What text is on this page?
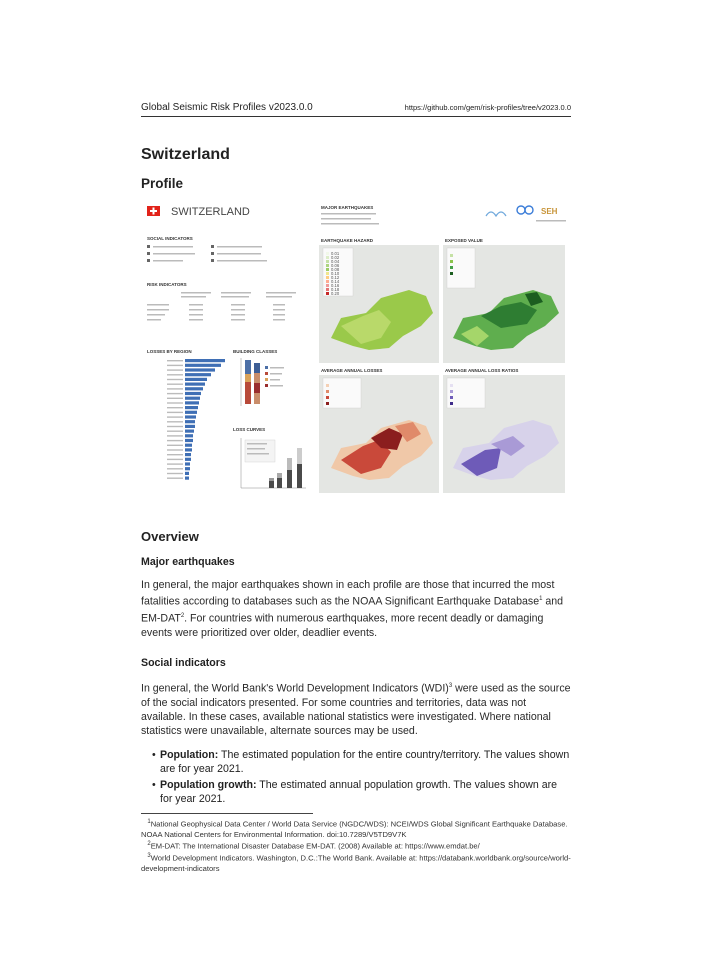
Global Seismic Risk Profiles v2023.0.0	https://github.com/gem/risk-profiles/tree/v2023.0.0
Switzerland
Profile
SWITZERLAND
SOCIAL INDICATORS
RISK INDICATORS
LOSSES BY REGION	BUILDING CLASSES
LOSS CURVES
MAJOR EARTHQUAKES	SEH
EARTHQUAKE HAZARD
0.01
0.02
0.04
0.06
0.08
0.10
0.12
0.14
0.16
0.18
0.20
EXPOSED VALUE
AVERAGE ANNUAL LOSSES	AVERAGE ANNUAL LOSS RATIOS
Overview
Major earthquakes
In general, the major earthquakes shown in each profile are those that incurred the most fatalities according to databases such as the NOAA Significant Earthquake Database$^1$ and EM-DAT$^2$. For countries with numerous earthquakes, more recent deadly or damaging events were prioritized over older, deadlier events.
Social indicators
In general, the World Bank's World Development Indicators (WDI)$^3$ were used as the source of the social indicators presented. For some countries and territories, data was not available. In these cases, available national statistics were investigated. Where national statistics were unavailable, alternate sources may be used.
• Population: The estimated population for the entire country/territory. The values shown are for year 2021.
• Population growth: The estimated annual population growth. The values shown are for year 2021.
$^1$National Geophysical Data Center / World Data Service (NGDC/WDS): NCEI/WDS Global Significant Earthquake Database. NOAA National Centers for Environmental Information. doi:10.7289/V5TD9V7K
$^2$EM-DAT: The International Disaster Database EM-DAT. (2008) Available at: https://www.emdat.be/
$^3$World Development Indicators. Washington, D.C.:The World Bank. Available at: https://databank.worldbank.org/source/world-development-indicators
